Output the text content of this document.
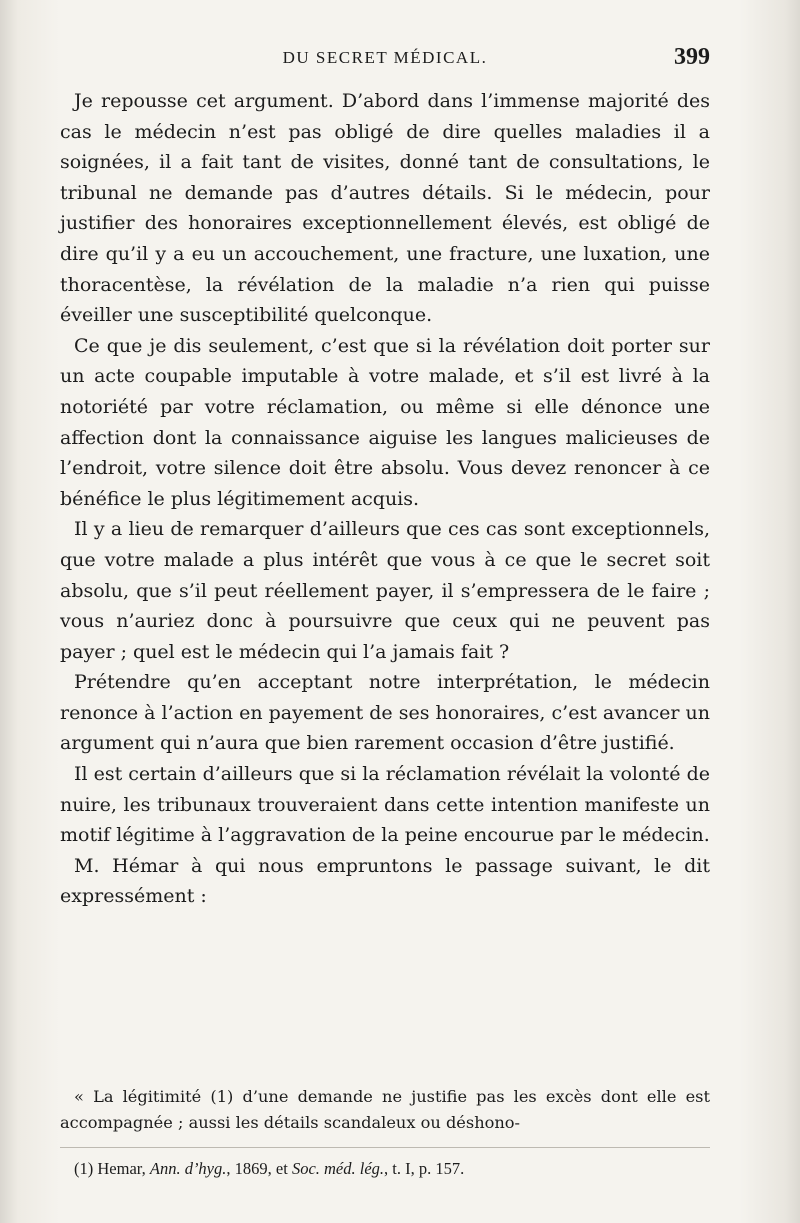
DU SECRET MÉDICAL.	399

Je repousse cet argument. D’abord dans l’immense majorité des cas le médecin n’est pas obligé de dire quelles maladies il a soignées, il a fait tant de visites, donné tant de consultations, le tribunal ne demande pas d’autres détails. Si le médecin, pour justifier des honoraires exceptionnellement élevés, est obligé de dire qu’il y a eu un accouchement, une fracture, une luxation, une thoracentèse, la révélation de la maladie n’a rien qui puisse éveiller une susceptibilité quelconque.

Ce que je dis seulement, c’est que si la révélation doit porter sur un acte coupable imputable à votre malade, et s’il est livré à la notoriété par votre réclamation, ou même si elle dénonce une affection dont la connaissance aiguise les langues malicieuses de l’endroit, votre silence doit être absolu. Vous devez renoncer à ce bénéfice le plus légitimement acquis.

Il y a lieu de remarquer d’ailleurs que ces cas sont exceptionnels, que votre malade a plus intérêt que vous à ce que le secret soit absolu, que s’il peut réellement payer, il s’empressera de le faire ; vous n’auriez donc à poursuivre que ceux qui ne peuvent pas payer ; quel est le médecin qui l’a jamais fait ?

Prétendre qu’en acceptant notre interprétation, le médecin renonce à l’action en payement de ses honoraires, c’est avancer un argument qui n’aura que bien rarement occasion d’être justifié.

Il est certain d’ailleurs que si la réclamation révélait la volonté de nuire, les tribunaux trouveraient dans cette intention manifeste un motif légitime à l’aggravation de la peine encourue par le médecin.

M. Hémar à qui nous empruntons le passage suivant, le dit expressément :

« La légitimité (1) d’une demande ne justifie pas les excès dont elle est accompagnée ; aussi les détails scandaleux ou déshono-

(1) Hemar, Ann. d’hyg., 1869, et Soc. méd. lég., t. I, p. 157.
